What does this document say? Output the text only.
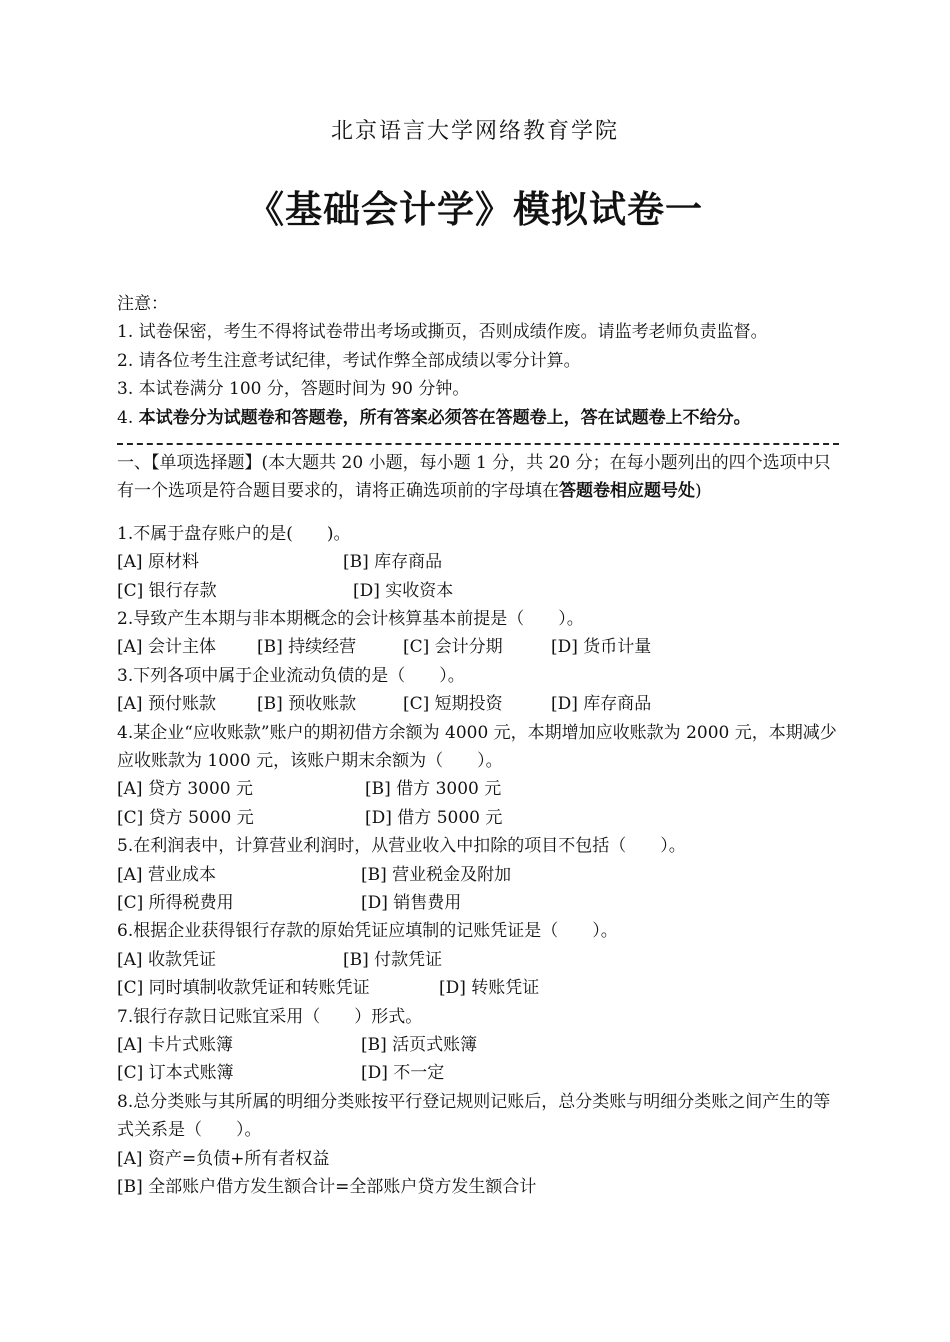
北京语言大学网络教育学院
《基础会计学》模拟试卷一
注意：
1. 试卷保密，考生不得将试卷带出考场或撕页，否则成绩作废。请监考老师负责监督。
2. 请各位考生注意考试纪律，考试作弊全部成绩以零分计算。
3. 本试卷满分 100 分，答题时间为 90 分钟。
4. 本试卷分为试题卷和答题卷，所有答案必须答在答题卷上，答在试题卷上不给分。
一、【单项选择题】(本大题共 20 小题，每小题 1 分，共 20 分；在每小题列出的四个选项中只有一个选项是符合题目要求的，请将正确选项前的字母填在答题卷相应题号处)
1.不属于盘存账户的是(　　)。
[A] 原材料	[B] 库存商品
[C] 银行存款	[D] 实收资本
2.导致产生本期与非本期概念的会计核算基本前提是（　　）。
[A] 会计主体 [B] 持续经营	[C] 会计分期	[D] 货币计量
3.下列各项中属于企业流动负债的是（　　）。
[A] 预付账款 [B] 预收账款	[C] 短期投资	[D] 库存商品
4.某企业“应收账款”账户的期初借方余额为 4000 元，本期增加应收账款为 2000 元，本期减少应收账款为 1000 元，该账户期末余额为（　　）。
[A] 贷方 3000 元	[B] 借方 3000 元
[C] 贷方 5000 元	[D] 借方 5000 元
5.在利润表中，计算营业利润时，从营业收入中扣除的项目不包括（　　）。
[A] 营业成本	[B] 营业税金及附加
[C] 所得税费用	[D] 销售费用
6.根据企业获得银行存款的原始凭证应填制的记账凭证是（　　）。
[A] 收款凭证	[B] 付款凭证
[C] 同时填制收款凭证和转账凭证	[D] 转账凭证
7.银行存款日记账宜采用（　　）形式。
[A] 卡片式账簿	[B] 活页式账簿
[C] 订本式账簿	[D] 不一定
8.总分类账与其所属的明细分类账按平行登记规则记账后，总分类账与明细分类账之间产生的等式关系是（　　）。
[A] 资产=负债+所有者权益
[B] 全部账户借方发生额合计=全部账户贷方发生额合计
